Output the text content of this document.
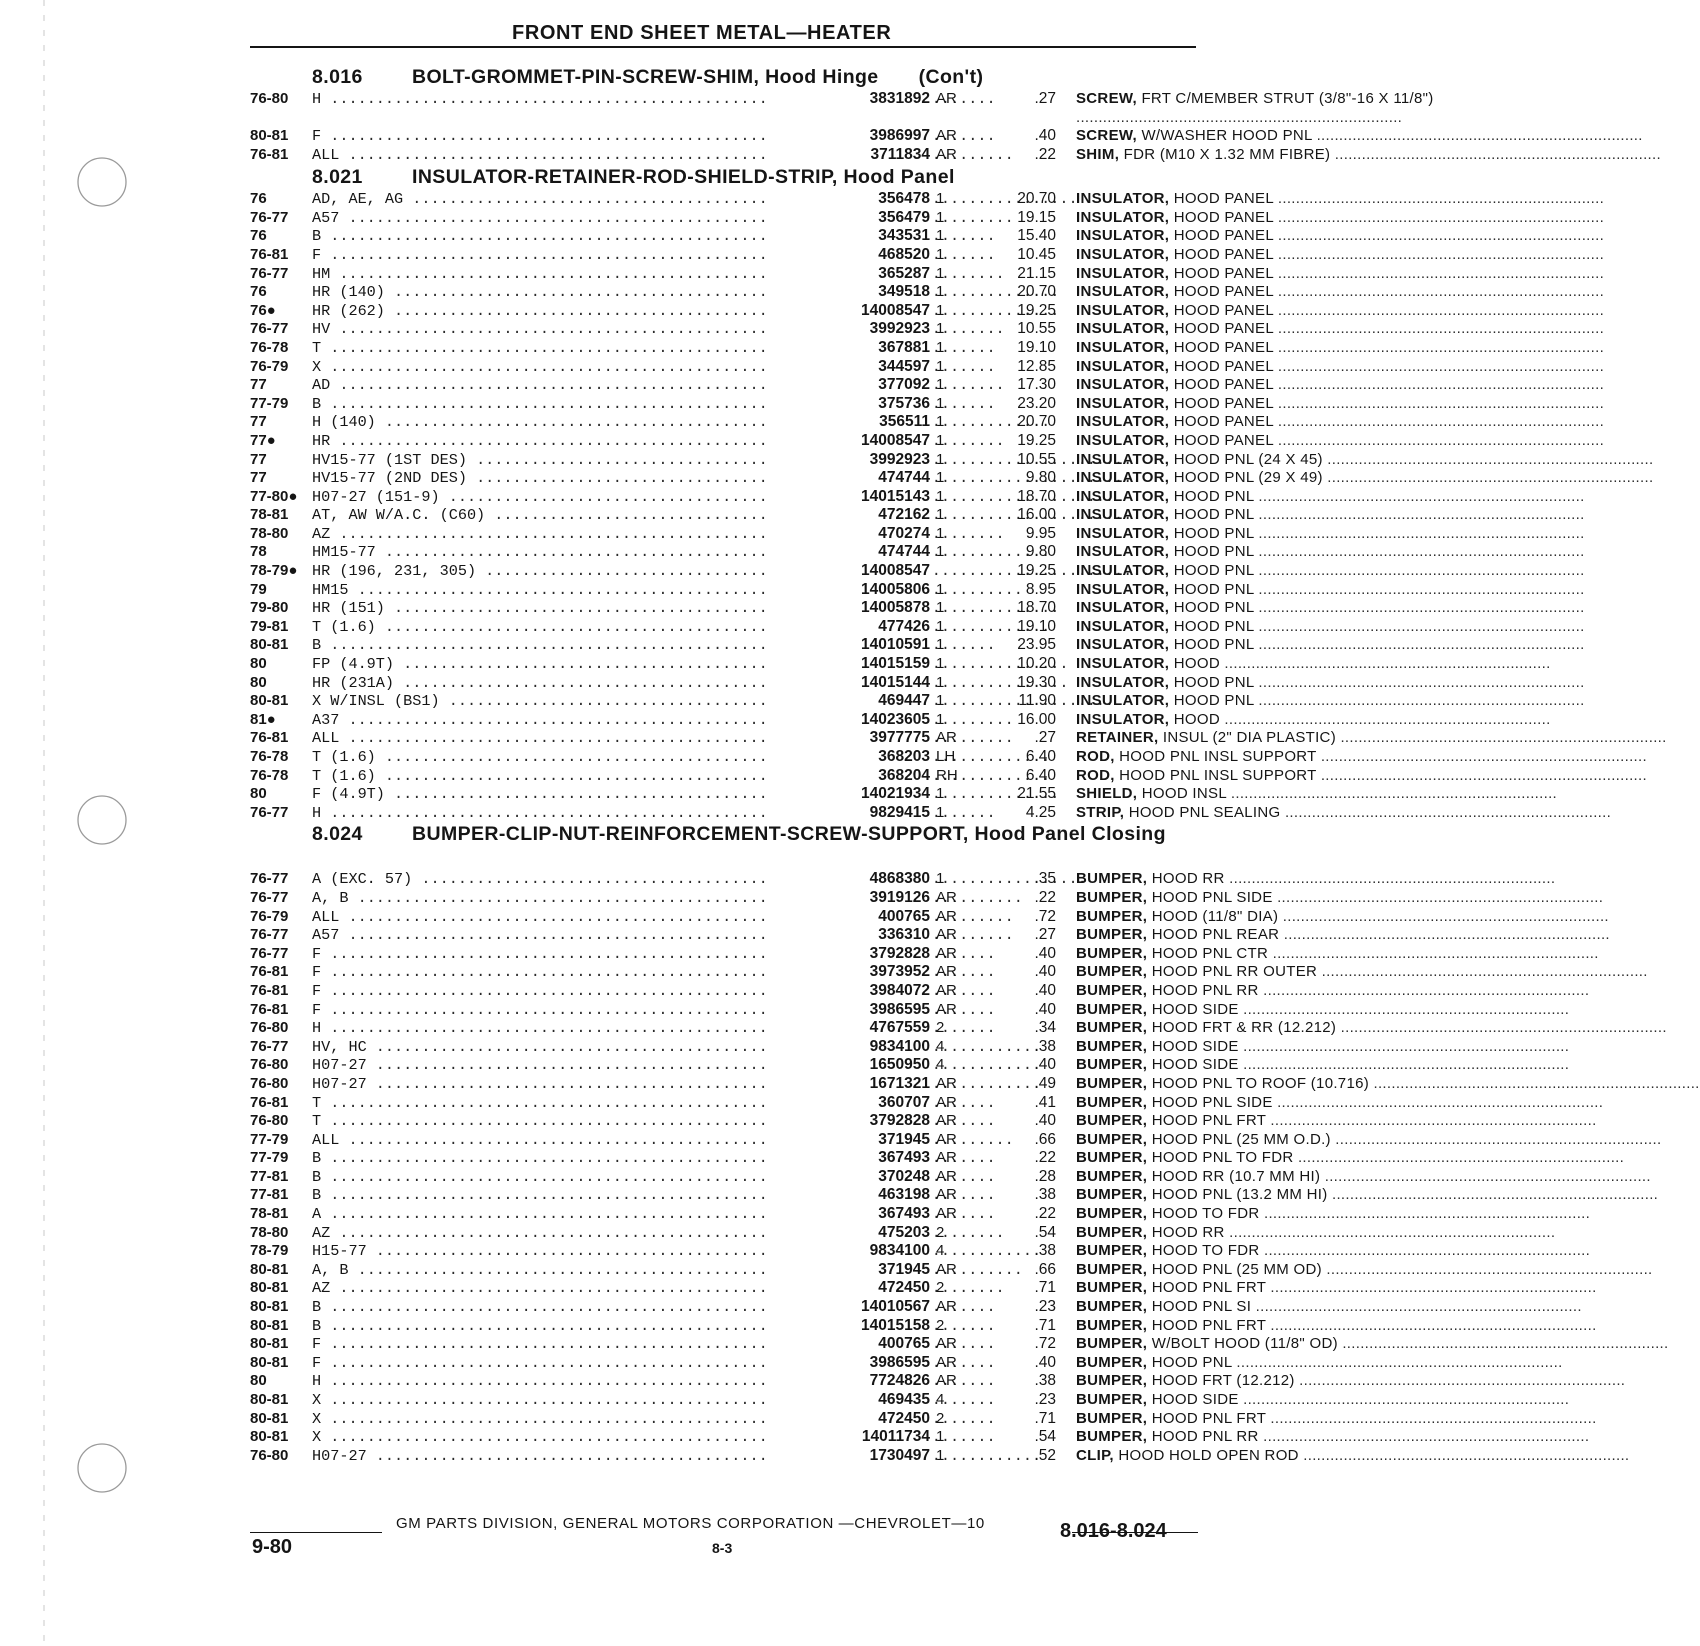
FRONT END SHEET METAL—HEATER
8.016	BOLT-GROMMET-PIN-SCREW-SHIM, Hood Hinge (Con't)
76-80 H .....	3831892 AR	.27 SCREW, FRT C/MEMBER STRUT (3/8"-16 X 11/8") .....
80-81 F .....	3986997 AR	.40 SCREW, W/WASHER HOOD PNL .....
76-81 ALL .....	3711834 AR	.22 SHIM, FDR (M10 X 1.32 MM FIBRE) .....
8.021	INSULATOR-RETAINER-ROD-SHIELD-STRIP, Hood Panel
76	AD, AE, AG .....	356478 1	20.70 INSULATOR, HOOD PANEL .....
76-77 A57 .....	356479 1	19.15 INSULATOR, HOOD PANEL .....
76	B .....	343531 1	15.40 INSULATOR, HOOD PANEL .....
76-81 F .....	468520 1	10.45 INSULATOR, HOOD PANEL .....
76-77 HM .....	365287 1	21.15 INSULATOR, HOOD PANEL .....
76	HR (140) .....	349518 1	20.70 INSULATOR, HOOD PANEL .....
76● HR (262) .....	14008547 1	19.25 INSULATOR, HOOD PANEL .....
76-77 HV .....	3992923 1	10.55 INSULATOR, HOOD PANEL .....
76-78 T .....	367881 1	19.10 INSULATOR, HOOD PANEL .....
76-79 X .....	344597 1	12.85 INSULATOR, HOOD PANEL .....
77	AD .....	377092 1	17.30 INSULATOR, HOOD PANEL .....
77-79 B .....	375736 1	23.20 INSULATOR, HOOD PANEL .....
77	H (140) .....	356511 1	20.70 INSULATOR, HOOD PANEL .....
77● HR .....	14008547 1	19.25 INSULATOR, HOOD PANEL .....
77	HV15-77 (1ST DES) .....	3992923 1	10.55 INSULATOR, HOOD PNL (24 X 45) .....
77	HV15-77 (2ND DES) .....	474744 1	9.80 INSULATOR, HOOD PNL (29 X 49) .....
77-80● H07-27 (151-9) .....	14015143 1	18.70 INSULATOR, HOOD PNL .....
78-81 AT, AW W/A.C. (C60) .....	472162 1	16.00 INSULATOR, HOOD PNL .....
78-80 AZ .....	470274 1	9.95 INSULATOR, HOOD PNL .....
78	HM15-77 .....	474744 1	9.80 INSULATOR, HOOD PNL .....
78-79● HR (196, 231, 305) .....	14008547	19.25 INSULATOR, HOOD PNL .....
79	HM15 .....	14005806 1	8.95 INSULATOR, HOOD PNL .....
79-80 HR (151) .....	14005878 1	18.70 INSULATOR, HOOD PNL .....
79-81 T (1.6) .....	477426 1	19.10 INSULATOR, HOOD PNL .....
80-81 B .....	14010591 1	23.95 INSULATOR, HOOD PNL .....
80	FP (4.9T) .....	14015159 1	10.20 INSULATOR, HOOD .....
80	HR (231A) .....	14015144 1	19.30 INSULATOR, HOOD PNL .....
80-81 X W/INSL (BS1) .....	469447 1	11.90 INSULATOR, HOOD PNL .....
81● A37 .....	14023605 1	16.00 INSULATOR, HOOD .....
76-81 ALL .....	3977775 AR	.27 RETAINER, INSUL (2" DIA PLASTIC) .....
76-78 T (1.6) .....	368203 LH	6.40 ROD, HOOD PNL INSL SUPPORT .....
76-78 T (1.6) .....	368204 RH	6.40 ROD, HOOD PNL INSL SUPPORT .....
80	F (4.9T) .....	14021934 1	21.55 SHIELD, HOOD INSL .....
76-77 H .....	9829415 1	4.25 STRIP, HOOD PNL SEALING .....
8.024	BUMPER-CLIP-NUT-REINFORCEMENT-SCREW-SUPPORT, Hood Panel Closing
76-77 A (EXC. 57) .....	4868380 1	.35 BUMPER, HOOD RR .....
76-77 A, B .....	3919126 AR	.22 BUMPER, HOOD PNL SIDE .....
76-79 ALL .....	400765 AR	.72 BUMPER, HOOD (11/8" DIA) .....
76-77 A57 .....	336310 AR	.27 BUMPER, HOOD PNL REAR .....
76-77 F .....	3792828 AR	.40 BUMPER, HOOD PNL CTR .....
76-81 F .....	3973952 AR	.40 BUMPER, HOOD PNL RR OUTER .....
76-81 F .....	3984072 AR	.40 BUMPER, HOOD PNL RR .....
76-81 F .....	3986595 AR	.40 BUMPER, HOOD SIDE .....
76-80 H .....	4767559 2	.34 BUMPER, HOOD FRT & RR (12.212) .....
76-77 HV, HC .....	9834100 4	.38 BUMPER, HOOD SIDE .....
76-80 H07-27 .....	1650950 4	.40 BUMPER, HOOD SIDE .....
76-80 H07-27 .....	1671321 AR	.49 BUMPER, HOOD PNL TO ROOF (10.716) .....
76-81 T .....	360707 AR	.41 BUMPER, HOOD PNL SIDE .....
76-80 T .....	3792828 AR	.40 BUMPER, HOOD PNL FRT .....
77-79 ALL .....	371945 AR	.66 BUMPER, HOOD PNL (25 MM O.D.) .....
77-79 B .....	367493 AR	.22 BUMPER, HOOD PNL TO FDR .....
77-81 B .....	370248 AR	.28 BUMPER, HOOD RR (10.7 MM HI) .....
77-81 B .....	463198 AR	.38 BUMPER, HOOD PNL (13.2 MM HI) .....
78-81 A .....	367493 AR	.22 BUMPER, HOOD TO FDR .....
78-80 AZ .....	475203 2	.54 BUMPER, HOOD RR .....
78-79 H15-77 .....	9834100 4	.38 BUMPER, HOOD TO FDR .....
80-81 A, B .....	371945 AR	.66 BUMPER, HOOD PNL (25 MM OD) .....
80-81 AZ .....	472450 2	.71 BUMPER, HOOD PNL FRT .....
80-81 B .....	14010567 AR	.23 BUMPER, HOOD PNL SI .....
80-81 B .....	14015158 2	.71 BUMPER, HOOD PNL FRT .....
80-81 F .....	400765 AR	.72 BUMPER, W/BOLT HOOD (11/8" OD) .....
80-81 F .....	3986595 AR	.40 BUMPER, HOOD PNL .....
80	H .....	7724826 AR	.38 BUMPER, HOOD FRT (12.212) .....
80-81 X .....	469435 4	.23 BUMPER, HOOD SIDE .....
80-81 X .....	472450 2	.71 BUMPER, HOOD PNL FRT .....
80-81 X .....	14011734 1	.54 BUMPER, HOOD PNL RR .....
76-80 H07-27 .....	1730497 1	.52 CLIP, HOOD HOLD OPEN ROD .....
GM PARTS DIVISION, GENERAL MOTORS CORPORATION —CHEVROLET—10
9-80	8-3
8.016-8.024
